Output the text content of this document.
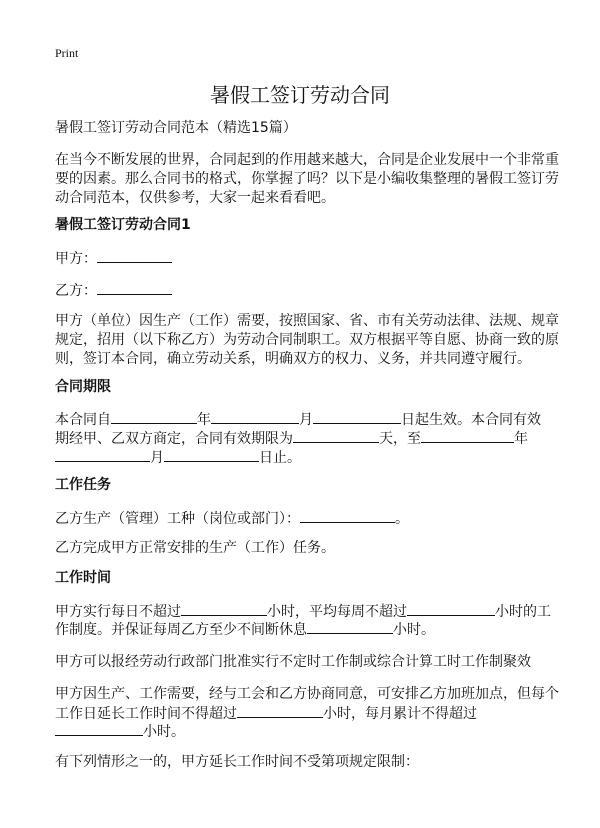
Print
暑假工签订劳动合同
暑假工签订劳动合同范本（精选15篇）
在当今不断发展的世界，合同起到的作用越来越大，合同是企业发展中一个非常重
要的因素。那么合同书的格式，你掌握了吗？以下是小编收集整理的暑假工签订劳
动合同范本，仅供参考，大家一起来看看吧。
暑假工签订劳动合同1
甲方：
乙方：
甲方（单位）因生产（工作）需要，按照国家、省、市有关劳动法律、法规、规章
规定，招用（以下称乙方）为劳动合同制职工。双方根据平等自愿、协商一致的原
则，签订本合同，确立劳动关系，明确双方的权力、义务，并共同遵守履行。
合同期限
本合同自	年	月	日起生效。本合同有效
期经甲、乙双方商定，合同有效期限为	天，至	年
月	日止。
工作任务
乙方生产（管理）工种（岗位或部门）：	。
乙方完成甲方正常安排的生产（工作）任务。
工作时间
甲方实行每日不超过	小时，平均每周不超过	小时的工
作制度。并保证每周乙方至少不间断休息	小时。
甲方可以报经劳动行政部门批准实行不定时工作制或综合计算工时工作制聚效
甲方因生产、工作需要，经与工会和乙方协商同意，可安排乙方加班加点，但每个
工作日延长工作时间不得超过	小时，每月累计不得超过
小时。
有下列情形之一的，甲方延长工作时间不受第项规定限制：
